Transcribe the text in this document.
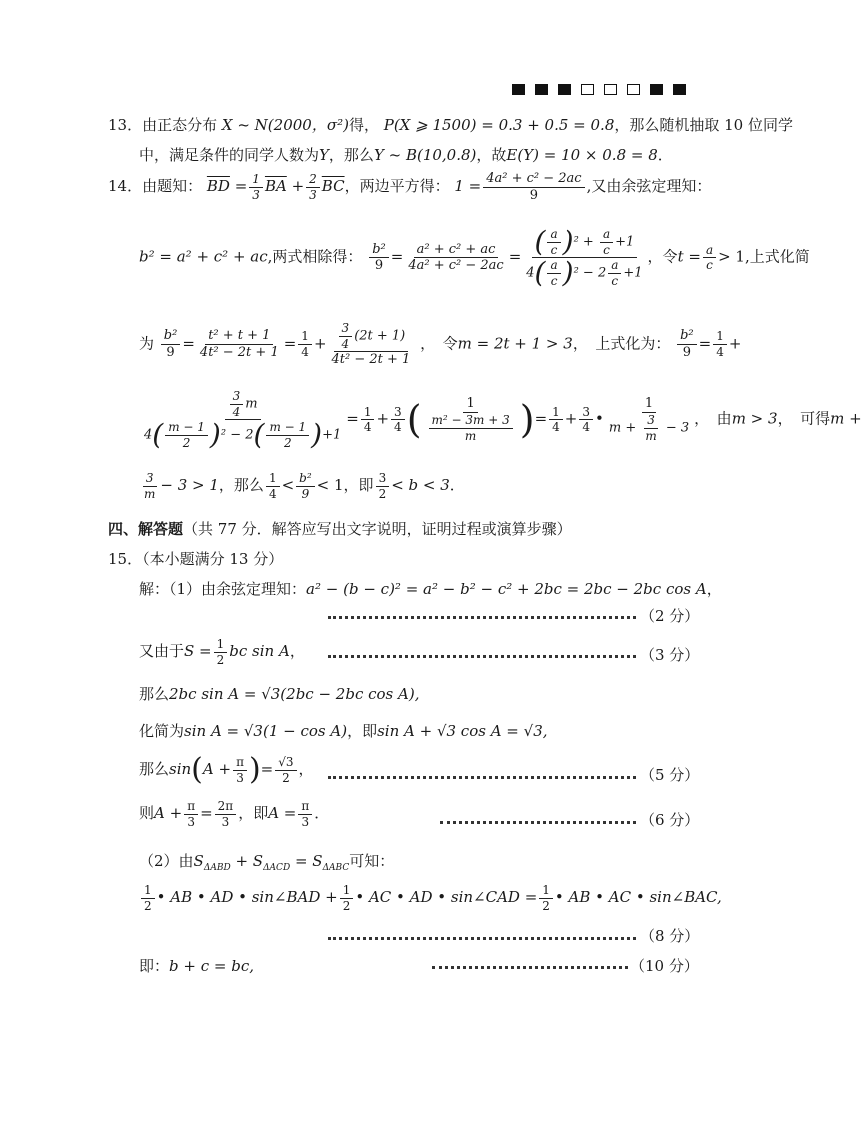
13．由正态分布 X ~ N(2000，σ²)得， P(X ⩾ 1500) = 0.3 + 0.5 = 0.8，那么随机抽取 10 位同学
中，满足条件的同学人数为Y，那么Y ~ B(10,0.8)，故E(Y) = 10 × 0.8 = 8．
14．由题知： $\overline{BD} = \frac{1}{3} \overline{BA} + \frac{2}{3} \overline{BC}$，两边平方得： $1 = \frac{\text{4a² + c² − 2ac}}{9}$ ,又由余弦定理知：
b² = a² + c² + ac,两式相除得： $\frac{\text{b²}}{9} = \frac{\text{a² + c² + ac}}{\text{4a² + c² − 2ac}} = \frac{( \frac{a}{c} )^2 + \frac{a}{c} +1}{4( \frac{a}{c} )^2 - 2 \frac{a}{c} +1}$ ，令$t = \frac{a}{c} > 1$,上式化简
为 $\frac{\text{b²}}{9} = \frac{\text{t² + t + 1}}{\text{4t² − 2t + 1}} = \frac{1}{4} + \frac{\frac{3}{4} (2t + 1)}{\text{4t² − 2t + 1}}$ ，　令m = 2t + 1 > 3，　上式化为： $\frac{\text{b²}}{9} = \frac{1}{4}$ +
$\frac{\frac{3}{4} m}{4( \frac{m - 1}{2} )^2 - 2( \frac{m - 1}{2} )+1} = \frac{1}{4} + \frac{3}{4}$ ( $\frac{1}{\frac{\text{m² − 3m + 3}}{m}}$ )= $\frac{1}{4} + \frac{3}{4}$ • $\frac{1}{m + \frac{3}{m} - 3}$ ，　由m > 3，　可得m +
$\frac{3}{m} - 3 > 1$，那么 $\frac{1}{4} < \frac{\text{b²}}{9} < 1$，即 $\frac{3}{2} < b < 3$．
四、解答题（共 77 分．解答应写出文字说明，证明过程或演算步骤）
15．（本小题满分 13 分）
解：（1）由余弦定理知：a² − (b − c)² = a² − b² − c² + 2bc = 2bc − 2bc cos A，
（2 分）
又由于$S = \frac{1}{2}$ bc sin A，	（3 分）
那么2bc sin A = √3(2bc − 2bc cos A),
化简为sin A = √3(1 − cos A)，即sin A + √3 cos A = √3,
那么$\sin(A + \frac{\pi}{3}$ )= $\frac{√3}{2}$ ，	（5 分）
则$A + \frac{\pi}{3} = \frac{2\pi}{3}$ ，即$A = \frac{\pi}{3}$ ．	（6 分）
（2）由$S_{\Delta ABD} + S_{\Delta ACD} = S_{\Delta ABC}$可知：
$\frac{1}{2}$ • AB • AD • sin∠BAD + $\frac{1}{2}$ • AC • AD • sin∠CAD = $\frac{1}{2}$ • AB • AC • sin∠BAC,
（8 分）
即：b + c = bc,	（10 分）
